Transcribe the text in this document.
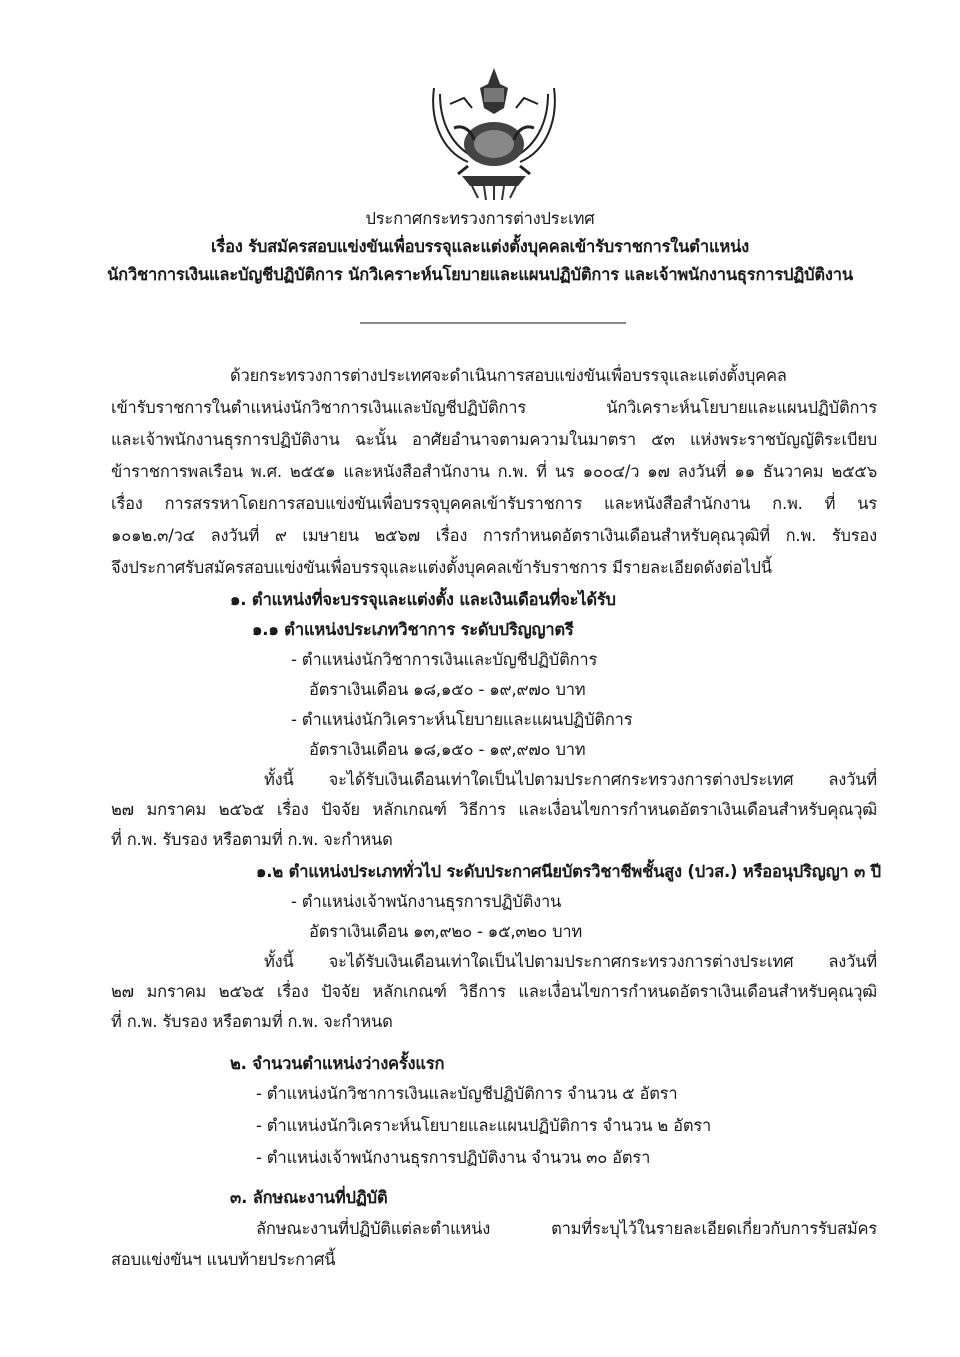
ประกาศกระทรวงการต่างประเทศ
เรื่อง รับสมัครสอบแข่งขันเพื่อบรรจุและแต่งตั้งบุคคลเข้ารับราชการในตำแหน่ง
นักวิชาการเงินและบัญชีปฏิบัติการ นักวิเคราะห์นโยบายและแผนปฏิบัติการ และเจ้าพนักงานธุรการปฏิบัติงาน
ด้วยกระทรวงการต่างประเทศจะดำเนินการสอบแข่งขันเพื่อบรรจุและแต่งตั้งบุคคล
เข้ารับราชการในตำแหน่งนักวิชาการเงินและบัญชีปฏิบัติการ นักวิเคราะห์นโยบายและแผนปฏิบัติการ
และเจ้าพนักงานธุรการปฏิบัติงาน ฉะนั้น อาศัยอำนาจตามความในมาตรา ๕๓ แห่งพระราชบัญญัติระเบียบ
ข้าราชการพลเรือน พ.ศ. ๒๕๕๑ และหนังสือสำนักงาน ก.พ. ที่ นร ๑๐๐๔/ว ๑๗ ลงวันที่ ๑๑ ธันวาคม ๒๕๕๖
เรื่อง การสรรหาโดยการสอบแข่งขันเพื่อบรรจุบุคคลเข้ารับราชการ และหนังสือสำนักงาน ก.พ. ที่ นร
๑๐๑๒.๓/ว๔ ลงวันที่ ๙ เมษายน ๒๕๖๗ เรื่อง การกำหนดอัตราเงินเดือนสำหรับคุณวุฒิที่ ก.พ. รับรอง
จึงประกาศรับสมัครสอบแข่งขันเพื่อบรรจุและแต่งตั้งบุคคลเข้ารับราชการ มีรายละเอียดดังต่อไปนี้
๑. ตำแหน่งที่จะบรรจุและแต่งตั้ง และเงินเดือนที่จะได้รับ
๑.๑ ตำแหน่งประเภทวิชาการ ระดับปริญญาตรี
- ตำแหน่งนักวิชาการเงินและบัญชีปฏิบัติการ
อัตราเงินเดือน ๑๘,๑๕๐ - ๑๙,๙๗๐ บาท
- ตำแหน่งนักวิเคราะห์นโยบายและแผนปฏิบัติการ
อัตราเงินเดือน ๑๘,๑๕๐ - ๑๙,๙๗๐ บาท
ทั้งนี้ จะได้รับเงินเดือนเท่าใดเป็นไปตามประกาศกระทรวงการต่างประเทศ ลงวันที่
๒๗ มกราคม ๒๕๖๕ เรื่อง ปัจจัย หลักเกณฑ์ วิธีการ และเงื่อนไขการกำหนดอัตราเงินเดือนสำหรับคุณวุฒิ
ที่ ก.พ. รับรอง หรือตามที่ ก.พ. จะกำหนด
๑.๒ ตำแหน่งประเภททั่วไป ระดับประกาศนียบัตรวิชาชีพชั้นสูง (ปวส.) หรืออนุปริญญา ๓ ปี
- ตำแหน่งเจ้าพนักงานธุรการปฏิบัติงาน
อัตราเงินเดือน ๑๓,๙๒๐ - ๑๕,๓๒๐ บาท
ทั้งนี้ จะได้รับเงินเดือนเท่าใดเป็นไปตามประกาศกระทรวงการต่างประเทศ ลงวันที่
๒๗ มกราคม ๒๕๖๕ เรื่อง ปัจจัย หลักเกณฑ์ วิธีการ และเงื่อนไขการกำหนดอัตราเงินเดือนสำหรับคุณวุฒิ
ที่ ก.พ. รับรอง หรือตามที่ ก.พ. จะกำหนด
๒. จำนวนตำแหน่งว่างครั้งแรก
- ตำแหน่งนักวิชาการเงินและบัญชีปฏิบัติการ จำนวน ๕ อัตรา
- ตำแหน่งนักวิเคราะห์นโยบายและแผนปฏิบัติการ จำนวน ๒ อัตรา
- ตำแหน่งเจ้าพนักงานธุรการปฏิบัติงาน จำนวน ๓๐ อัตรา
๓. ลักษณะงานที่ปฏิบัติ
ลักษณะงานที่ปฏิบัติแต่ละตำแหน่ง ตามที่ระบุไว้ในรายละเอียดเกี่ยวกับการรับสมัคร
สอบแข่งขันฯ แนบท้ายประกาศนี้
